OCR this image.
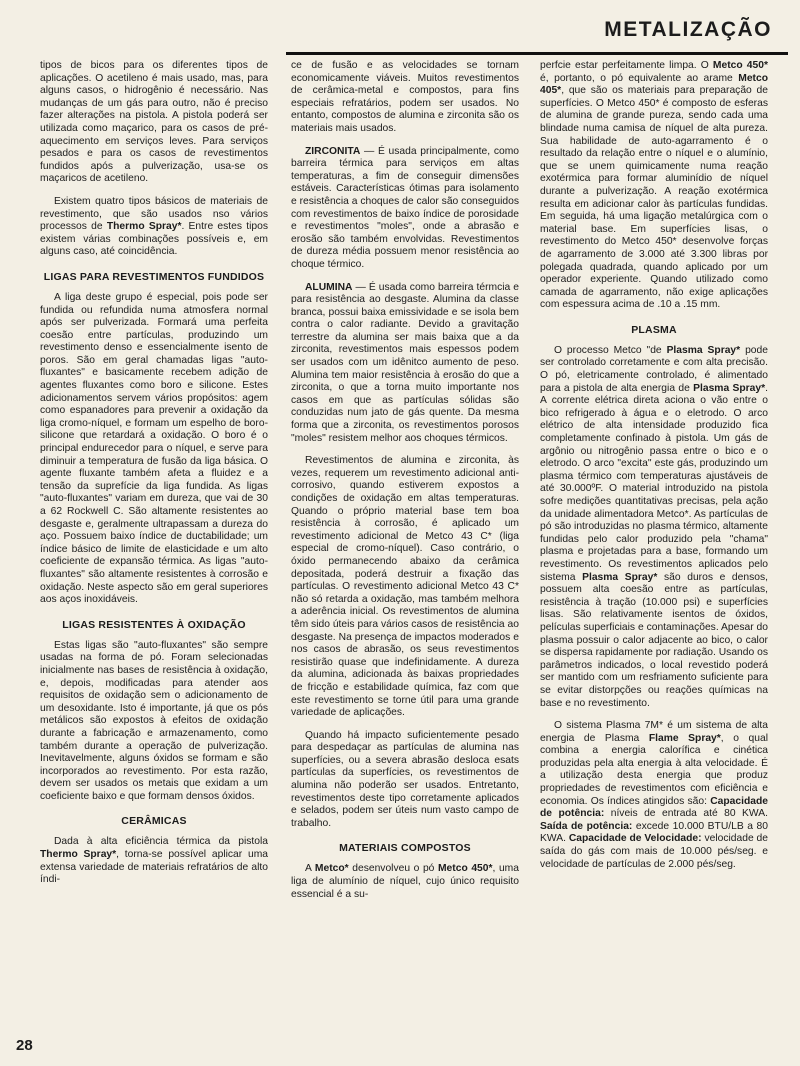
METALIZAÇÃO

tipos de bicos para os diferentes tipos de aplicações. O acetileno é mais usado, mas, para alguns casos, o hidrogênio é necessário. Nas mudanças de um gás para outro, não é preciso fazer alterações na pistola. A pistola poderá ser utilizada como maçarico, para os casos de pré-aquecimento em serviços leves. Para serviços pesados e para os casos de revestimentos fundidos após a pulverização, usa-se os maçaricos de acetileno.

Existem quatro tipos básicos de materiais de revestimento, que são usados nso vários processos de Thermo Spray*. Entre estes tipos existem várias combinações possíveis e, em alguns caso, até coincidência.

LIGAS PARA REVESTIMENTOS FUNDIDOS

A liga deste grupo é especial, pois pode ser fundida ou refundida numa atmosfera normal após ser pulverizada. Formará uma perfeita coesão entre partículas, produzindo um revestimento denso e essencialmente isento de poros. São em geral chamadas ligas "auto-fluxantes" e basicamente recebem adição de agentes fluxantes como boro e silicone. Estes adicionamentos servem vários propósitos: agem como espanadores para prevenir a oxidação da liga cromo-níquel, e formam um espelho de boro-silicone que retardará a oxidação. O boro é o principal endurecedor para o níquel, e serve para diminuir a temperatura de fusão da liga básica. O agente fluxante também afeta a fluidez e a tensão da suprefície da liga fundida. As ligas "auto-fluxantes" variam em dureza, que vai de 30 a 62 Rockwell C. São altamente resistentes ao desgaste e, geralmente ultrapassam a dureza do aço. Possuem baixo índice de ductabilidade; um índice básico de limite de elasticidade e um alto coeficiente de expansão térmica. As ligas "auto-fluxantes" são altamente resistentes à corrosão e oxidação. Neste aspecto são em geral superiores aos aços inoxidáveis.

LIGAS RESISTENTES À OXIDAÇÃO

Estas ligas são "auto-fluxantes" são sempre usadas na forma de pó. Foram selecionadas inicialmente nas bases de resistência à oxidação, e, depois, modificadas para atender aos requisitos de oxidação sem o adicionamento de um desoxidante. Isto é importante, já que os pós metálicos são expostos à efeitos de oxidação durante a fabricação e armazenamento, como também durante a operação de pulverização. Inevitavelmente, alguns óxidos se formam e são incorporados ao revestimento. Por esta razão, devem ser usados os metais que exidam a um coeficiente baixo e que formam densos óxidos.

CERÂMICAS

Dada à alta eficiência térmica da pistola Thermo Spray*, torna-se possível aplicar uma extensa variedade de materiais refratários de alto índi-

ce de fusão e as velocidades se tornam economicamente viáveis. Muitos revestimentos de cerâmica-metal e compostos, para fins especiais refratários, podem ser usados. No entanto, compostos de alumina e zirconita são os materiais mais usados.

ZIRCONITA — É usada principalmente, como barreira térmica para serviços em altas temperaturas, a fim de conseguir dimensões estáveis. Características ótimas para isolamento e resistência a choques de calor são conseguidos com revestimentos de baixo índice de porosidade e revestimentos "moles", onde a abrasão e erosão são também envolvidas. Revestimentos de dureza média possuem menor resistência ao choque térmico.

ALUMINA — É usada como barreira térmcia e para resistência ao desgaste. Alumina da classe branca, possui baixa emissividade e se isola bem contra o calor radiante. Devido a gravitação terrestre da alumina ser mais baixa que a da zirconita, revestimentos mais espessos podem ser usados com um idênitco aumento de peso. Alumina tem maior resistência à erosão do que a zirconita, o que a torna muito importante nos casos em que as partículas sólidas são conduzidas num jato de gás quente. Da mesma forma que a zirconita, os revestimentos porosos "moles" resistem melhor aos choques térmicos.

Revestimentos de alumina e zirconita, às vezes, requerem um revestimento adicional anti-corrosivo, quando estiverem expostos a condições de oxidação em altas temperaturas. Quando o próprio material base tem boa resistência à corrosão, é aplicado um revestimento adicional de Metco 43 C* (liga especial de cromo-níquel). Caso contrário, o óxido permanecendo abaixo da cerâmica depositada, poderá destruir a fixação das partículas. O revestimento adicional Metco 43 C* não só retarda a oxidação, mas também melhora a aderência inicial. Os revestimentos de alumina têm sido úteis para vários casos de resistência ao desgaste. Na presença de impactos moderados e nos casos de abrasão, os seus revestimentos resistirão quase que indefinidamente. A dureza da alumina, adicionada às baixas propriedades de fricção e estabilidade química, faz com que este revestimento se torne útil para uma grande variedade de aplicações.

Quando há impacto suficientemente pesado para despedaçar as partículas de alumina nas superfícies, ou a severa abrasão desloca esats partículas da superfícies, os revestimentos de alumina não poderão ser usados. Entretanto, revestimentos deste tipo corretamente aplicados e selados, podem ser úteis num vasto campo de trabalho.

MATERIAIS COMPOSTOS

A Metco* desenvolveu o pó Metco 450*, uma liga de alumínio de níquel, cujo único requisito essencial é a su-

perfcie estar perfeitamente limpa. O Metco 450* é, portanto, o pó equivalente ao arame Metco 405*, que são os materiais para preparação de superfícies. O Metco 450* é composto de esferas de alumina de grande pureza, sendo cada uma blindade numa camisa de níquel de alta pureza. Sua habilidade de auto-agarramento é o resultado da relação entre o níquel e o alumínio, que se unem quimicamente numa reação exotérmica para formar aluminídio de níquel durante a pulverização. A reação exotérmica resulta em adicionar calor às partículas fundidas. Em seguida, há uma ligação metalúrgica com o material base. Em superfícies lisas, o revestimento do Metco 450* desenvolve forças de agarramento de 3.000 até 3.300 libras por polegada quadrada, quando aplicado por um operador experiente. Quando utilizado como camada de agarramento, não exige aplicações com espessura acima de .10 a .15 mm.

PLASMA

O processo Metco "de Plasma Spray* pode ser controlado corretamente e com alta precisão. O pó, eletricamente controlado, é alimentado para a pistola de alta energia de Plasma Spray*. A corrente elétrica direta aciona o vão entre o bico refrigerado à água e o eletrodo. O arco elétrico de alta intensidade produzido fica completamente confinado à pistola. Um gás de argônio ou nitrogênio passa entre o bico e o eletrodo. O arco "excita" este gás, produzindo um plasma térmico com temperaturas ajustáveis de até 30.000ºF. O material introduzido na pistola sofre medições quantitativas precisas, pela ação da unidade alimentadora Metco*. As partículas de pó são introduzidas no plasma térmico, altamente fundidas pelo calor produzido pela "chama" plasma e projetadas para a base, formando um revestimento. Os revestimentos aplicados pelo sistema Plasma Spray* são duros e densos, possuem alta coesão entre as partículas, resistência à tração (10.000 psi) e superfícies lisas. São relativamente isentos de óxidos, películas superficiais e contaminações. Apesar do plasma possuir o calor adjacente ao bico, o calor se dispersa rapidamente por radiação. Usando os parâmetros indicados, o local revestido poderá ser mantido com um resfriamento suficiente para se evitar distorpções ou reações químicas na base e no revestimento.

O sistema Plasma 7M* é um sistema de alta energia de Plasma Flame Spray*, o qual combina a energia calorífica e cinética produzidas pela alta energia à alta velocidade. É a utilização desta energia que produz propriedades de revestimentos com eficiência e economia. Os índices atingidos são: Capacidade de potência: níveis de entrada até 80 KWA. Saída de potência: excede 10.000 BTU/LB a 80 KWA. Capacidade de Velocidade: velocidade de saída do gás com mais de 10.000 pés/seg. e velocidade de partículas de 2.000 pés/seg.

28
